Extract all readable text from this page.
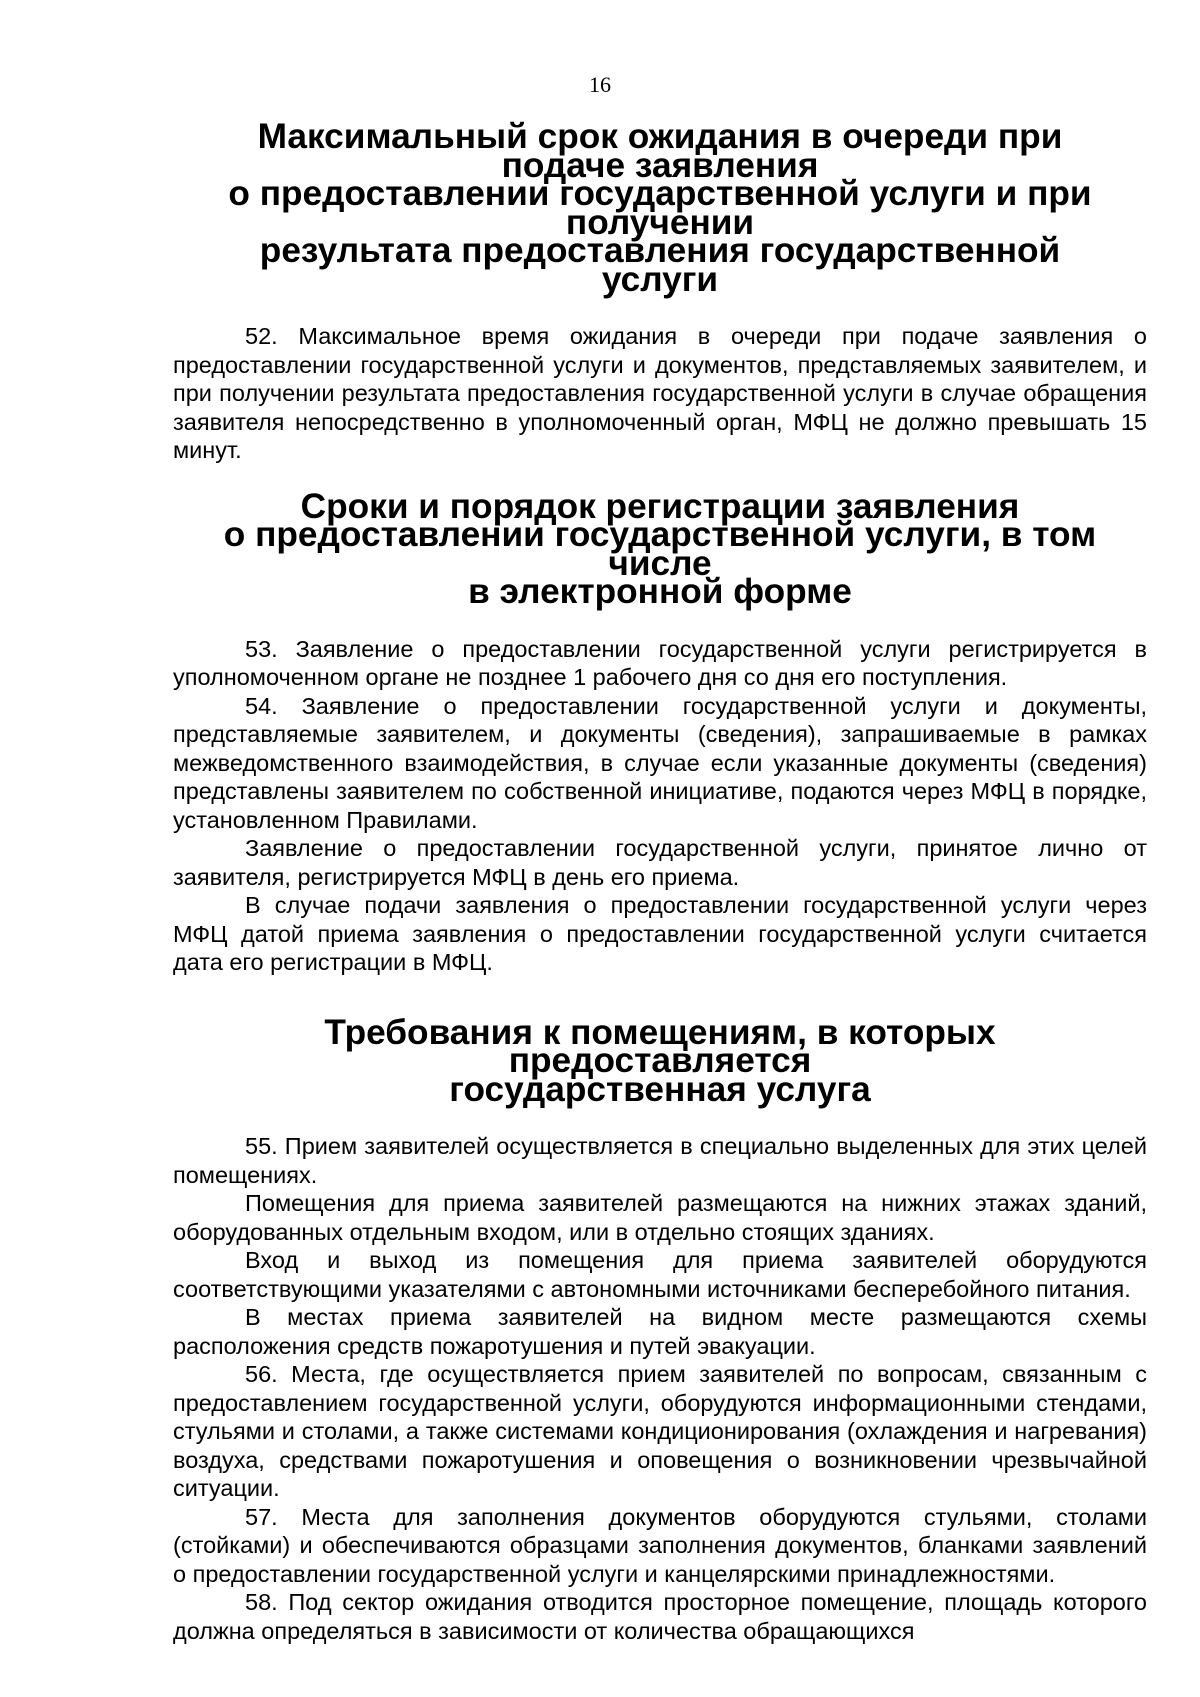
16
Максимальный срок ожидания в очереди при подаче заявления
о предоставлении государственной услуги и при получении
результата предоставления государственной услуги

52. Максимальное время ожидания в очереди при подаче заявления о предоставлении государственной услуги и документов, представляемых заявителем, и при получении результата предоставления государственной услуги в случае обращения заявителя непосредственно в уполномоченный орган, МФЦ не должно превышать 15 минут.

Сроки и порядок регистрации заявления
о предоставлении государственной услуги, в том числе
в электронной форме

53. Заявление о предоставлении государственной услуги регистрируется в уполномоченном органе не позднее 1 рабочего дня со дня его поступления.

54. Заявление о предоставлении государственной услуги и документы, представляемые заявителем, и документы (сведения), запрашиваемые в рамках межведомственного взаимодействия, в случае если указанные документы (сведения) представлены заявителем по собственной инициативе, подаются через МФЦ в порядке, установленном Правилами.

Заявление о предоставлении государственной услуги, принятое лично от заявителя, регистрируется МФЦ в день его приема.

В случае подачи заявления о предоставлении государственной услуги через МФЦ датой приема заявления о предоставлении государственной услуги считается дата его регистрации в МФЦ.

Требования к помещениям, в которых предоставляется
государственная услуга

55. Прием заявителей осуществляется в специально выделенных для этих целей помещениях.

Помещения для приема заявителей размещаются на нижних этажах зданий, оборудованных отдельным входом, или в отдельно стоящих зданиях.

Вход и выход из помещения для приема заявителей оборудуются соответствующими указателями с автономными источниками бесперебойного питания.

В местах приема заявителей на видном месте размещаются схемы расположения средств пожаротушения и путей эвакуации.

56. Места, где осуществляется прием заявителей по вопросам, связанным с предоставлением государственной услуги, оборудуются информационными стендами, стульями и столами, а также системами кондиционирования (охлаждения и нагревания) воздуха, средствами пожаротушения и оповещения о возникновении чрезвычайной ситуации.

57. Места для заполнения документов оборудуются стульями, столами (стойками) и обеспечиваются образцами заполнения документов, бланками заявлений о предоставлении государственной услуги и канцелярскими принадлежностями.

58. Под сектор ожидания отводится просторное помещение, площадь которого должна определяться в зависимости от количества обращающихся
